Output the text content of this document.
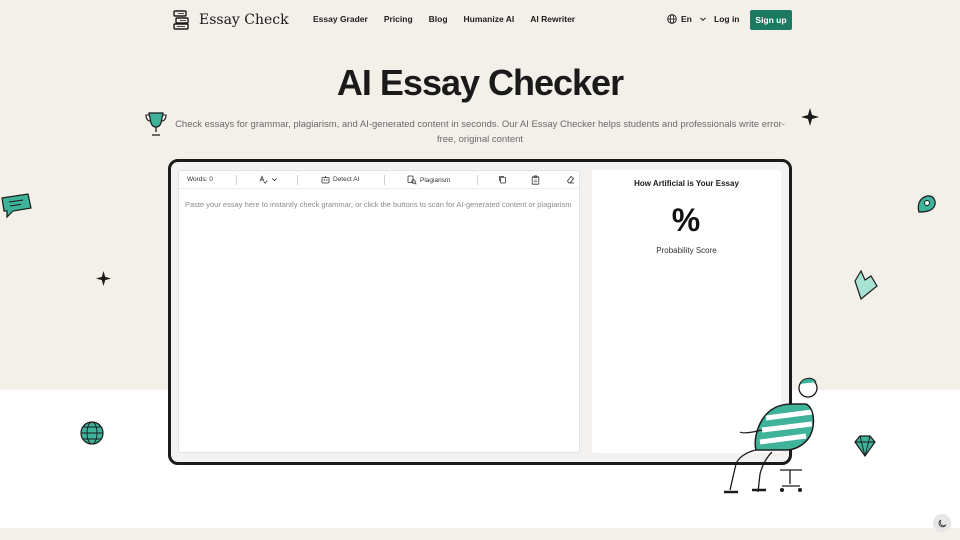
Essay Check	Essay Grader Pricing Blog Humanize AI AI Rewriter	En	Log in	Sign up
AI Essay Checker

Check essays for grammar, plagiarism, and AI-generated content in seconds. Our AI Essay Checker helps students and professionals write error-free, original content

Words: 0	Detect AI	Plagiarism
Paste your essay here to instantly check grammar, or click the buttons to scan for AI-generated content or plagiarism
How Artificial is Your Essay
%
Probability Score
